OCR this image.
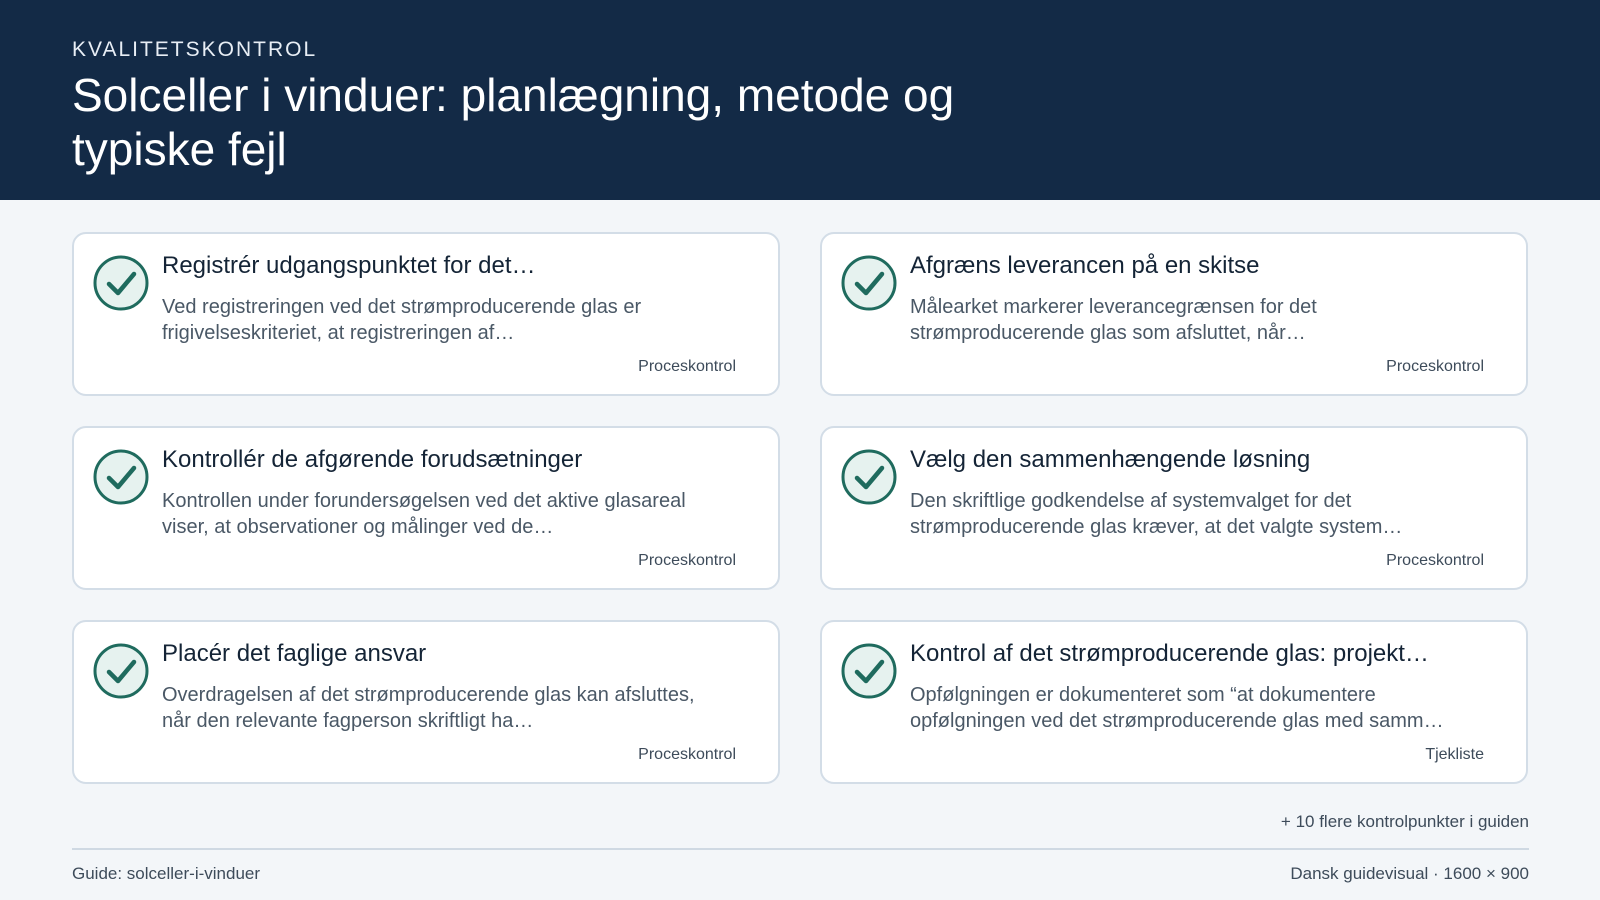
KVALITETSKONTROL
Solceller i vinduer: planlægning, metode og typiske fejl
Registrér udgangspunktet for det…
Ved registreringen ved det strømproducerende glas er frigivelseskriteriet, at registreringen af…
Proceskontrol
Afgræns leverancen på en skitse
Målearket markerer leverancegrænsen for det strømproducerende glas som afsluttet, når…
Proceskontrol
Kontrollér de afgørende forudsætninger
Kontrollen under forundersøgelsen ved det aktive glasareal viser, at observationer og målinger ved de…
Proceskontrol
Vælg den sammenhængende løsning
Den skriftlige godkendelse af systemvalget for det strømproducerende glas kræver, at det valgte system…
Proceskontrol
Placér det faglige ansvar
Overdragelsen af det strømproducerende glas kan afsluttes, når den relevante fagperson skriftligt ha…
Proceskontrol
Kontrol af det strømproducerende glas: projekt…
Opfølgningen er dokumenteret som “at dokumentere opfølgningen ved det strømproducerende glas med samm…
Tjekliste
+ 10 flere kontrolpunkter i guiden
Guide: solceller-i-vinduer	Dansk guidevisual · 1600 × 900
